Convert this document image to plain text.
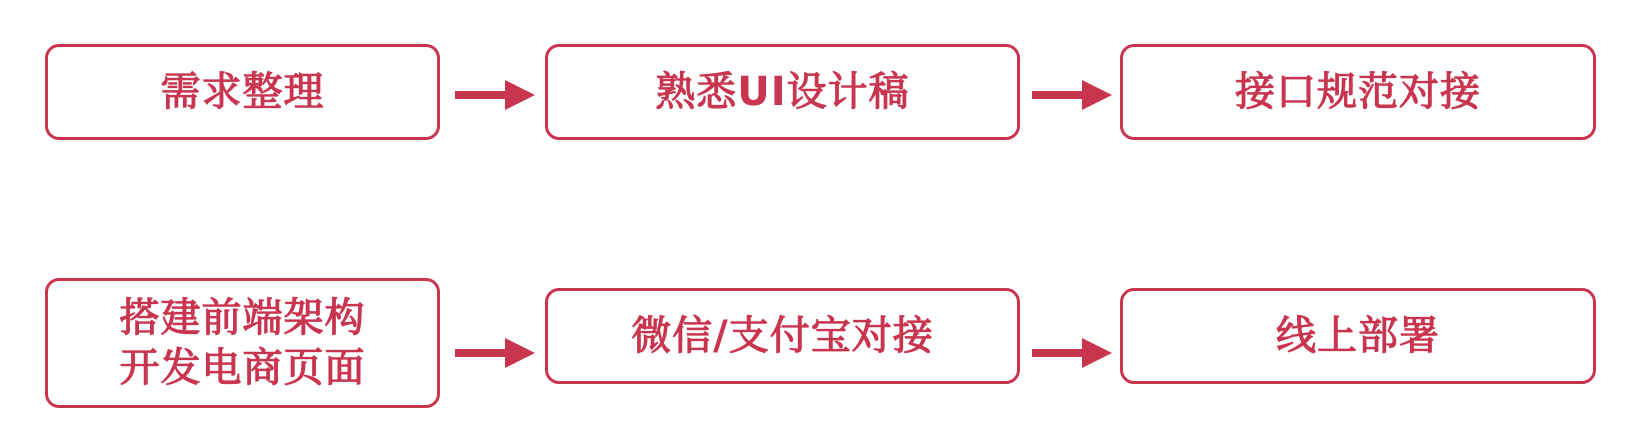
需求整理	熟悉UI设计稿	接口规范对接
搭建前端架构
开发电商页面
微信/支付宝对接	线上部署
